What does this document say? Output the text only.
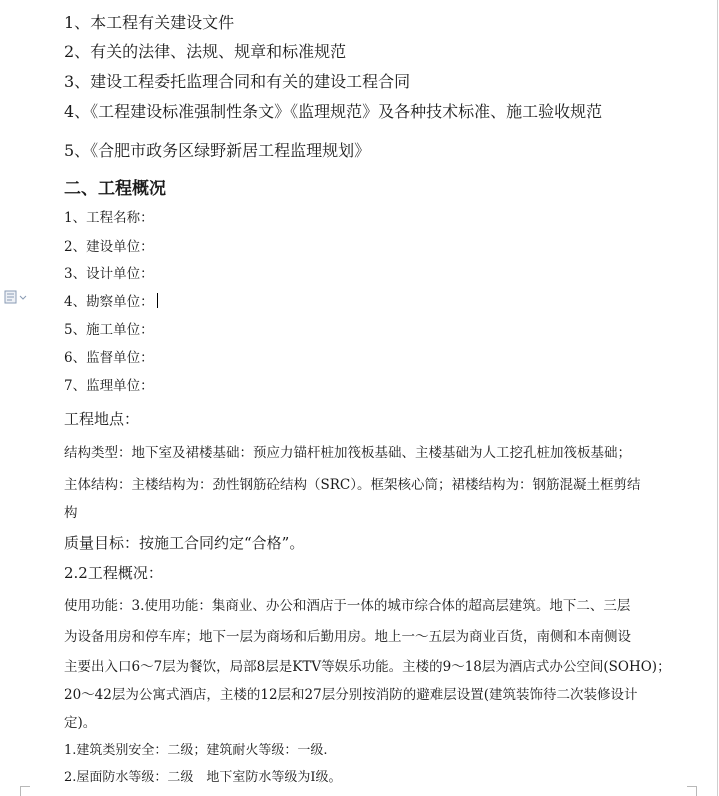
1、本工程有关建设文件
2、有关的法律、法规、规章和标准规范
3、建设工程委托监理合同和有关的建设工程合同
4、《工程建设标准强制性条文》《监理规范》及各种技术标准、施工验收规范
5、《合肥市政务区绿野新居工程监理规划》
二、工程概况
1、工程名称：
2、建设单位：
3、设计单位：
4、勘察单位：
5、施工单位：
6、监督单位：
7、监理单位：
工程地点：
结构类型：地下室及裙楼基础：预应力锚杆桩加筏板基础、主楼基础为人工挖孔桩加筏板基础；
主体结构：主楼结构为：劲性钢筋砼结构（SRC）。框架核心筒；裙楼结构为：钢筋混凝土框剪结
构
质量目标：按施工合同约定“合格”。
2.2工程概况：
使用功能：3.使用功能：集商业、办公和酒店于一体的城市综合体的超高层建筑。地下二、三层
为设备用房和停车库；地下一层为商场和后勤用房。地上一～五层为商业百货，南侧和本南侧设
主要出入口6～7层为餐饮，局部8层是KTV等娱乐功能。主楼的9～18层为酒店式办公空间(SOHO)；
20～42层为公寓式酒店，主楼的12层和27层分别按消防的避难层设置(建筑装饰待二次装修设计
定)。
1.建筑类别安全：二级；建筑耐火等级：一级.
2.屋面防水等级：二级　地下室防水等级为Ⅰ级。
